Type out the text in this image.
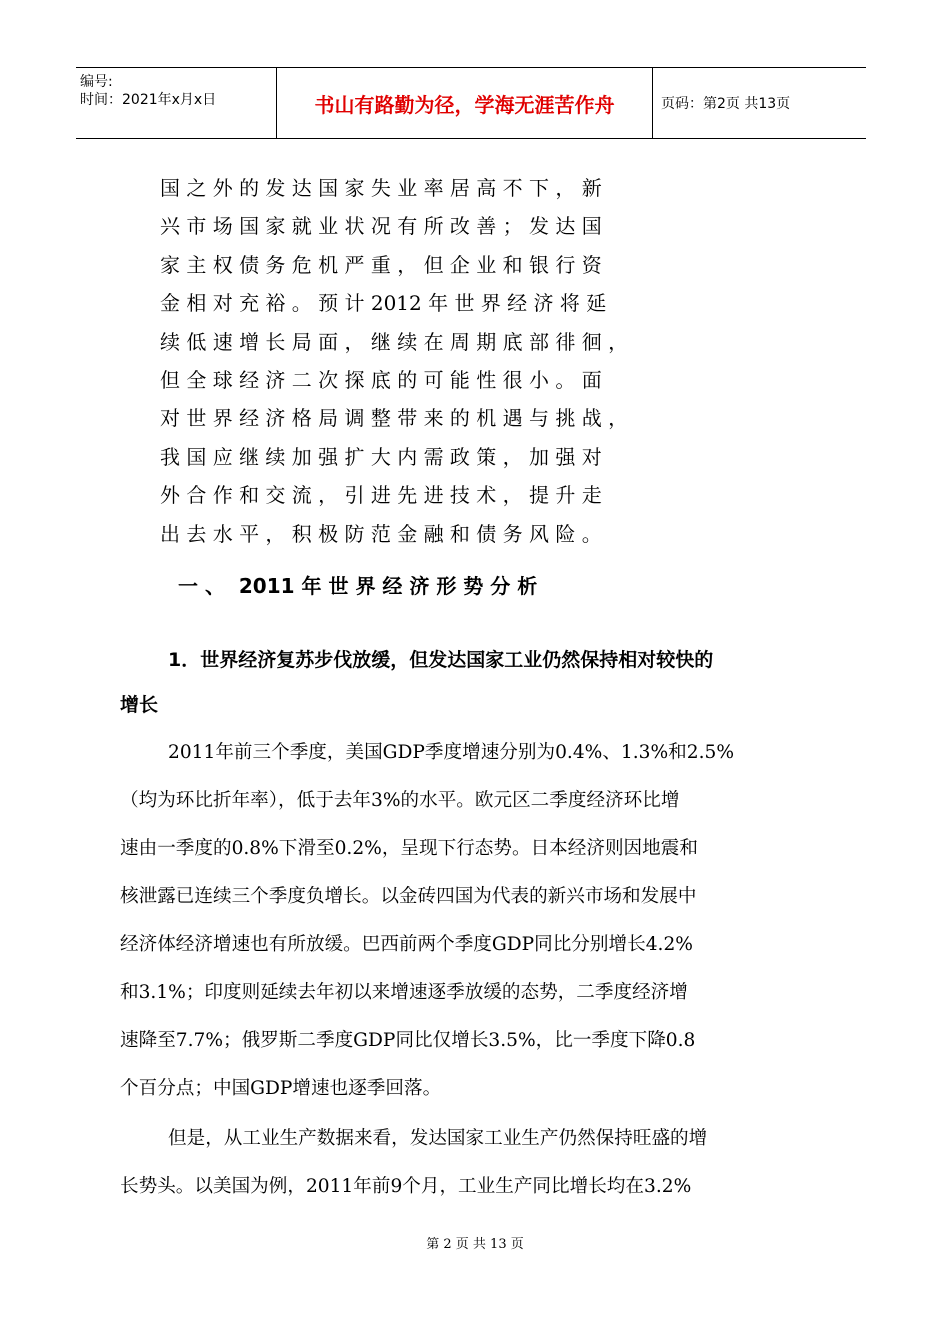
编号:
时间：2021年x月x日	书山有路勤为径，学海无涯苦作舟	页码：第2页 共13页
国 之 外 的 发 达 国 家 失 业 率 居 高 不 下 ， 新
兴 市 场 国 家 就 业 状 况 有 所 改 善 ； 发 达 国
家 主 权 债 务 危 机 严 重 ， 但 企 业 和 银 行 资
金 相 对 充 裕 。 预 计 2012 年 世 界 经 济 将 延
续 低 速 增 长 局 面 ， 继 续 在 周 期 底 部 徘 徊 ，
但 全 球 经 济 二 次 探 底 的 可 能 性 很 小 。 面
对 世 界 经 济 格 局 调 整 带 来 的 机 遇 与 挑 战 ，
我 国 应 继 续 加 强 扩 大 内 需 政 策 ， 加 强 对
外 合 作 和 交 流 ， 引 进 先 进 技 术 ， 提 升 走
出 去 水 平 ， 积 极 防 范 金 融 和 债 务 风 险 。
一 、  2011 年 世 界 经 济 形 势 分 析
1．世界经济复苏步伐放缓，但发达国家工业仍然保持相对较快的
增长
2011年前三个季度，美国GDP季度增速分别为0.4%、1.3%和2.5%
（均为环比折年率），低于去年3%的水平。欧元区二季度经济环比增
速由一季度的0.8%下滑至0.2%，呈现下行态势。日本经济则因地震和
核泄露已连续三个季度负增长。以金砖四国为代表的新兴市场和发展中
经济体经济增速也有所放缓。巴西前两个季度GDP同比分别增长4.2%
和3.1%；印度则延续去年初以来增速逐季放缓的态势，二季度经济增
速降至7.7%；俄罗斯二季度GDP同比仅增长3.5%，比一季度下降0.8
个百分点；中国GDP增速也逐季回落。
但是，从工业生产数据来看，发达国家工业生产仍然保持旺盛的增
长势头。以美国为例，2011年前9个月，工业生产同比增长均在3.2%
第 2 页 共 13 页
